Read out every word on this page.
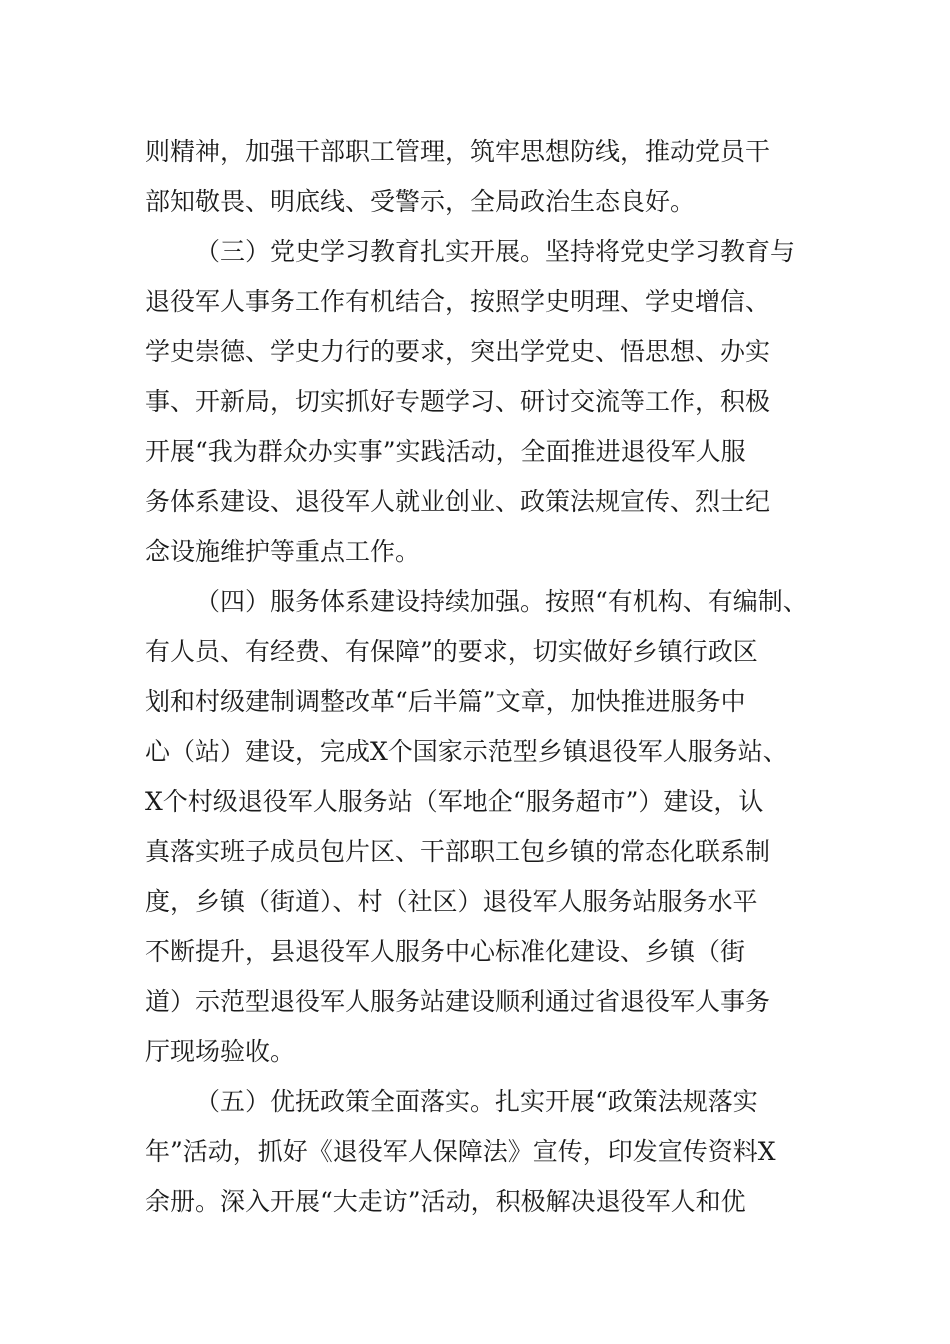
则精神，加强干部职工管理，筑牢思想防线，推动党员干
部知敬畏、明底线、受警示，全局政治生态良好。
（三）党史学习教育扎实开展。坚持将党史学习教育与
退役军人事务工作有机结合，按照学史明理、学史增信、
学史崇德、学史力行的要求，突出学党史、悟思想、办实
事、开新局，切实抓好专题学习、研讨交流等工作，积极
开展“我为群众办实事”实践活动，全面推进退役军人服
务体系建设、退役军人就业创业、政策法规宣传、烈士纪
念设施维护等重点工作。
（四）服务体系建设持续加强。按照“有机构、有编制、
有人员、有经费、有保障”的要求，切实做好乡镇行政区
划和村级建制调整改革“后半篇”文章，加快推进服务中
心（站）建设，完成X个国家示范型乡镇退役军人服务站、
X个村级退役军人服务站（军地企“服务超市”）建设，认
真落实班子成员包片区、干部职工包乡镇的常态化联系制
度，乡镇（街道）、村（社区）退役军人服务站服务水平
不断提升，县退役军人服务中心标准化建设、乡镇（街
道）示范型退役军人服务站建设顺利通过省退役军人事务
厅现场验收。
（五）优抚政策全面落实。扎实开展“政策法规落实
年”活动，抓好《退役军人保障法》宣传，印发宣传资料X
余册。深入开展“大走访”活动，积极解决退役军人和优
